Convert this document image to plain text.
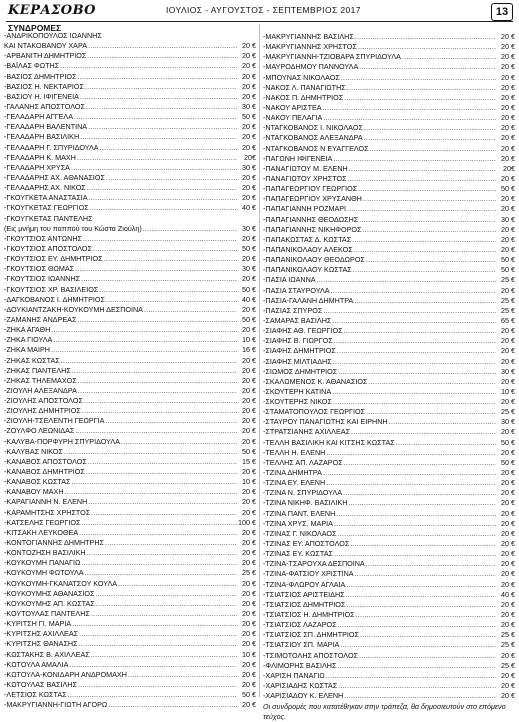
ΚΕΡΑΣΟΒΟ	ΙΟΥΛΙΟΣ - ΑΥΓΟΥΣΤΟΣ - ΣΕΠΤΕΜΒΡΙΟΣ 2017	13
ΣΥΝΔΡΟΜΕΣ
-ΑΝΔΡΙΚΟΠΟΥΛΟΣ ΙΩΑΝΝΗΣ
ΚΑΙ ΝΤΑΚΟΒΑΝΟΥ ΧΑΡΑ .....	20 €
-ΑΡΒΑΝΙΤΗ ΔΗΜΗΤΡΙΟΣ .....	20 €
-ΒΑΪΛΑΣ ΦΩΤΗΣ .....	20 €
-ΒΑΣΙΟΣ ΔΗΜΗΤΡΙΟΣ .....	20 €
-ΒΑΣΙΟΣ Η. ΝΕΚΤΑΡΙΟΣ .....	20 €
-ΒΑΣΙΟΥ Η. ΙΦΙΓΕΝΕΙΑ .....	20 €
-ΓΑΛΑΝΗΣ ΑΠΟΣΤΟΛΟΣ .....	30 €
-ΓΕΛΑΔΑΡΗ ΑΓΓΕΛΑ .....	50 €
-ΓΕΛΑΔΑΡΗ ΒΑΛΕΝΤΙΝΑ .....	20 €
-ΓΕΛΑΔΑΡΗ ΒΑΣΙΛΙΚΗ .....	20 €
-ΓΕΛΑΔΑΡΗ Γ. ΣΠΥΡΙΔΟΥΛΑ .....	20 €
-ΓΕΛΑΔΑΡΗ Κ. ΜΑΧΗ .....	20€
-ΓΕΛΑΔΑΡΗ ΧΡΥΣΑ .....	30 €
-ΓΕΛΑΔΑΡΗΣ ΑΧ. ΑΘΑΝΑΣΙΟΣ .....	20 €
-ΓΕΛΑΔΑΡΗΣ ΑΧ. ΝΙΚΟΣ .....	20 €
-ΓΚΟΥΓΚΕΤΑ ΑΝΑΣΤΑΣΙΑ .....	20 €
-ΓΚΟΥΓΚΕΤΑΣ ΓΕΩΡΓΙΟΣ .....	40 €
-ΓΚΟΥΓΚΕΤΑΣ ΠΑΝΤΕΛΗΣ
(Εις μνήμη του παππού του Κώστα Ζιούλη) .....	30 €
-ΓΚΟΥΤΣΙΟΣ ΑΝΤΩΝΗΣ .....	20 €
-ΓΚΟΥΤΣΙΟΣ ΑΠΟΣΤΟΛΟΣ .....	50 €
-ΓΚΟΥΤΣΙΟΣ ΕΥ. ΔΗΜΗΤΡΙΟΣ .....	20 €
-ΓΚΟΥΤΣΙΟΣ ΘΩΜΑΣ .....	30 €
-ΓΚΟΥΤΣΙΟΣ ΙΩΑΝΝΗΣ .....	20 €
-ΓΚΟΥΤΣΙΟΣ ΧΡ. ΒΑΣΙΛΕΙΟΣ .....	50 €
-ΔΑΓΚΟΒΑΝΟΣ Ι. ΔΗΜΗΤΡΙΟΣ .....	40 €
-ΔΟΥΚΙΑΝΤΖΑΚΗ-ΚΟΥΚΟΥΜΗ ΔΕΣΠΟΙΝΑ .....	20 €
-ΖΑΜΑΝΗΣ ΑΝΔΡΕΑΣ .....	50 €
-ΖΗΚΑ ΑΓΑΘΗ .....	20 €
-ΖΗΚΑ ΓΙΟΥΛΑ .....	10 €
-ΖΗΚΑ ΜΑΙΡΗ .....	16 €
-ΖΗΚΑΣ ΚΩΣΤΑΣ .....	20 €
-ΖΗΚΑΣ ΠΑΝΤΕΛΗΣ .....	20 €
-ΖΗΚΑΣ ΤΗΛΕΜΑΧΟΣ .....	20 €
-ΖΙΟΥΛΗ ΑΛΕΞΑΝΔΡΑ .....	20 €
-ΖΙΟΥΛΗΣ ΑΠΟΣΤΟΛΟΣ .....	20 €
-ΖΙΟΥΛΗΣ ΔΗΜΗΤΡΙΟΣ .....	20 €
-ΖΙΟΥΛΗ-ΤΣΕΛΕΝΤΗ ΓΕΩΡΓΙΑ .....	20 €
-ΖΟΥΛΦΟ ΛΕΩΝΙΔΑΣ .....	20 €
-ΚΑΛΥΒΑ-ΠΟΡΦΥΡΗ ΣΠΥΡΙΔΟΥΛΑ .....	20 €
-ΚΑΛΥΒΑΣ ΝΙΚΟΣ .....	50 €
-ΚΑΝΑΒΟΣ ΑΠΟΣΤΟΛΟΣ .....	15 €
-ΚΑΝΑΒΟΣ ΔΗΜΗΤΡΙΟΣ .....	20 €
-ΚΑΝΑΒΟΣ ΚΩΣΤΑΣ .....	10 €
-ΚΑΝΑΒΟΥ ΜΑΧΗ .....	20 €
-ΚΑΡΑΓΙΑΝΝΗ Ν. ΕΛΕΝΗ .....	20 €
-ΚΑΡΑΜΗΤΣΗΣ ΧΡΗΣΤΟΣ .....	20 €
-ΚΑΤΣΕΛΗΣ ΓΕΩΡΓΙΟΣ .....	100 €
-ΚΙΤΣΑΚΗ ΛΕΥΚΟΘΕΑ .....	20 €
-ΚΟΝΤΟΓΙΑΝΝΗΣ ΔΗΜΗΤΡΗΣ .....	20 €
-ΚΟΝΤΟΖΗΣΗ ΒΑΣΙΛΙΚΗ .....	20 €
-ΚΟΥΚΟΥΜΗ ΠΑΝΑΓΙΩ .....	20 €
-ΚΟΥΚΟΥΜΗ ΦΩΤΟΥΛΑ .....	25 €
-ΚΟΥΚΟΥΜΗ-ΓΚΑΝΑΤΣΟΥ ΚΟΥΛΑ .....	20 €
-ΚΟΥΚΟΥΜΗΣ ΑΘΑΝΑΣΙΟΣ .....	20 €
-ΚΟΥΚΟΥΜΗΣ ΑΠ. ΚΩΣΤΑΣ .....	20 €
-ΚΟΥΤΟΥΛΑΣ ΠΑΝΤΕΛΗΣ .....	20 €
-ΚΥΡΙΤΣΗ ΓΙ. ΜΑΡΙΑ .....	20 €
-ΚΥΡΙΤΣΗΣ ΑΧΙΛΛΕΑΣ .....	20 €
-ΚΥΡΙΤΣΗΣ ΘΑΝΑΣΗΣ .....	20 €
-ΚΩΣΤΑΚΗΣ Β. ΑΧΙΛΛΕΑΣ .....	10 €
-ΚΩΤΟΥΛΑ ΑΜΑΛΙΑ .....	20 €
-ΚΩΤΟΥΛΑ-ΚΟΝΙΔΑΡΗ ΑΝΔΡΟΜΑΧΗ .....	20 €
-ΚΩΤΟΥΛΑΣ ΒΑΣΙΛΗΣ .....	20 €
-ΛΕΤΣΙΟΣ ΚΩΣΤΑΣ .....	50 €
-ΜΑΚΡΥΓΙΑΝΝΗ-ΓΙΩΤΗ ΑΓΟΡΩ .....	20 €
-ΜΑΚΡΥΓΙΑΝΝΗΣ ΒΑΣΙΛΗΣ .....	20 €
-ΜΑΚΡΥΓΙΑΝΝΗΣ ΧΡΗΣΤΟΣ .....	20 €
-ΜΑΚΡΥΓΙΑΝΝΗ-ΤΖΙΟΒΑΡΑ ΣΠΥΡΙΔΟΥΛΑ .....	20 €
-ΜΑΥΡΟΔΗΜΟΥ ΠΑΝΝΟΥΛΑ .....	20 €
-ΜΠΟΥΝΑΣ ΝΙΚΟΛΑΟΣ .....	20 €
-ΝΑΚΟΣ Λ. ΠΑΝΑΓΙΩΤΗΣ .....	20 €
-ΝΑΚΟΣ Π. ΔΗΜΗΤΡΙΟΣ .....	20 €
-ΝΑΚΟΥ ΑΡΙΣΤΕΑ .....	20 €
-ΝΑΚΟΥ ΠΕΛΑΓΙΑ .....	20 €
-ΝΤΑΓΚΟΒΑΝΟΣ Ι. ΝΙΚΟΛΑΟΣ .....	20 €
-ΝΤΑΓΚΟΒΑΝΟΣ ΑΛΕΞΑΝΔΡΑ .....	20 €
-ΝΤΑΓΚΟΒΑΝΟΣ Ν ΕΥΑΓΓΕΛΟΣ .....	20 €
-ΠΑΓΩΝΗ ΙΦΙΓΕΝΕΙΑ .....	20 €
-ΠΑΝΑΓΙΩΤΟΥ Μ. ΕΛΕΝΗ .....	20€
-ΠΑΝΑΓΙΩΤΟΥ ΧΡΗΣΤΟΣ .....	20 €
-ΠΑΠΑΓΕΩΡΓΙΟΥ ΓΕΩΡΓΙΟΣ .....	50 €
-ΠΑΠΑΓΕΩΡΓΙΟΥ ΧΡΥΣΑΝΘΗ .....	20 €
-ΠΑΠΑΓΙΑΝΝΗ ΡΟΖΜΑΡΙ .....	20 €
-ΠΑΠΑΓΙΑΝΝΗΣ ΘΕΟΔΩΣΗΣ .....	30 €
-ΠΑΠΑΓΙΑΝΝΗΣ ΝΙΚΗΦΟΡΟΣ .....	20 €
-ΠΑΠΑΚΩΣΤΑΣ Δ. ΚΩΣΤΑΣ .....	20 €
-ΠΑΠΑΝΙΚΟΛΑΟΥ ΑΛΕΚΟΣ .....	20 €
-ΠΑΠΑΝΙΚΟΛΑΟΥ ΘΕΟΔΩΡΟΣ .....	50 €
-ΠΑΠΑΝΙΚΟΛΑΟΥ ΚΩΣΤΑΣ .....	50 €
-ΠΑΣΙΑ ΙΩΑΝΝΑ .....	25 €
-ΠΑΣΙΑ ΣΤΑΥΡΟΥΛΑ .....	20 €
-ΠΑΣΙΑ-ΓΑΛΑΝΗ ΔΗΜΗΤΡΑ .....	25 €
-ΠΑΣΙΑΣ ΣΠΥΡΟΣ .....	25 €
-ΣΑΜΑΡΑΣ ΒΑΣΙΛΗΣ .....	65 €
-ΣΙΑΦΗΣ ΑΘ. ΓΕΩΡΓΙΟΣ .....	20 €
-ΣΙΑΦΗΣ Β. ΓΙΩΡΓΟΣ .....	20 €
-ΣΙΑΦΗΣ ΔΗΜΗΤΡΙΟΣ .....	20 €
-ΣΙΑΦΗΣ ΜΙΛΤΙΑΔΗΣ .....	20 €
-ΣΙΩΜΟΣ ΔΗΜΗΤΡΙΟΣ .....	30 €
-ΣΚΑΛΩΜΕΝΟΣ Κ. ΑΘΑΝΑΣΙΟΣ .....	20 €
-ΣΚΟΥΤΕΡΗ ΚΑΤΙΝΑ .....	10 €
-ΣΚΟΥΤΕΡΗΣ ΝΙΚΟΣ .....	20 €
-ΣΤΑΜΑΤΟΠΟΥΛΟΣ ΓΕΩΡΓΙΟΣ .....	25 €
-ΣΤΑΥΡΟΥ ΠΑΝΑΓΙΩΤΗΣ ΚΑΙ ΕΙΡΗΝΗ .....	30 €
-ΣΤΡΑΤΣΙΑΝΗΣ ΑΧΙΛΛΕΑΣ .....	20 €
-ΤΕΛΛΗ ΒΑΣΙΛΙΚΗ ΚΑΙ ΚΙΤΣΗΣ ΚΩΣΤΑΣ .....	50 €
-ΤΕΛΛΗ Η. ΕΛΕΝΗ .....	20 €
-ΤΕΛΛΗΣ ΑΠ. ΛΑΖΑΡΟΣ .....	50 €
-ΤΖΙΝΑ ΔΗΜΗΤΡΑ .....	20 €
-ΤΖΙΝΑ ΕΥ. ΕΛΕΝΗ .....	20 €
-ΤΖΙΝΑ Ν. ΣΠΥΡΙΔΟΥΛΑ .....	20 €
-ΤΖΙΝΑ ΝΙΚΗΦ. ΒΑΣΙΛΙΚΗ .....	20 €
-ΤΖΙΝΑ ΠΑΝΤ. ΕΛΕΝΗ .....	20 €
-ΤΖΙΝΑ ΧΡΥΣ. ΜΑΡΙΑ .....	20 €
-ΤΖΙΝΑΣ Γ. ΝΙΚΟΛΑΟΣ .....	20 €
-ΤΖΙΝΑΣ ΕΥ. ΑΠΟΣΤΟΛΟΣ .....	20 €
-ΤΖΙΝΑΣ ΕΥ. ΚΩΣΤΑΣ .....	20 €
-ΤΖΙΝΑ-ΤΣΑΡΟΥΧΑ ΔΕΣΠΟΙΝΑ .....	20 €
-ΤΖΙΝΑ-ΦΑΤΣΙΟΥ ΧΡΙΣΤΙΝΑ .....	20 €
-ΤΖΙΝΑ-ΦΛΩΡΟΥ ΑΓΛΑΙΑ .....	20 €
-ΤΣΙΑΤΣΙΟΣ ΑΡΙΣΤΕΙΔΗΣ .....	40 €
-ΤΣΙΑΤΣΙΟΣ ΔΗΜΗΤΡΙΟΣ .....	20 €
-ΤΣΙΑΤΣΙΟΣ Η. ΔΗΜΗΤΡΙΟΣ .....	20 €
-ΤΣΙΑΤΣΙΟΣ ΛΑΖΑΡΟΣ .....	20 €
-ΤΣΙΑΤΣΙΟΣ ΣΠ. ΔΗΜΗΤΡΙΟΣ .....	25 €
-ΤΣΙΑΤΣΙΟΥ ΣΠ. ΜΑΡΙΑ .....	25 €
-ΤΣΙΜΟΤΟΛΗΣ ΑΠΟΣΤΟΛΟΣ .....	20 €
-ΦΛΙΜΟΡΗΣ ΒΑΣΙΛΗΣ .....	25 €
-ΧΑΡΙΣΗ ΠΑΝΑΓΙΩ .....	20 €
-ΧΑΡΙΣΙΑΔΗΣ ΚΩΣΤΑΣ .....	20 €
-ΧΑΡΙΣΙΑΔΟΥ Κ. ΕΛΕΝΗ .....	20 €
Οι συνδρομές που κατατέθηκαν στην τράπεζα, θα δημοσιευτούν στο επόμενο τεύχος.
